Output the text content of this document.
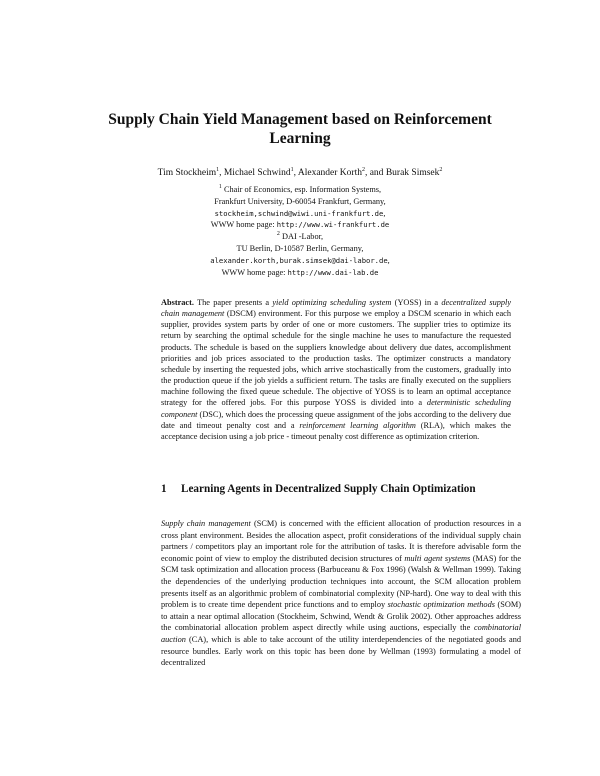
Supply Chain Yield Management based on Reinforcement Learning
Tim Stockheim$^1$, Michael Schwind$^1$, Alexander Korth$^2$, and Burak Simsek$^2$
$^1$ Chair of Economics, esp. Information Systems,
Frankfurt University, D-60054 Frankfurt, Germany,
stockheim,schwind@wiwi.uni-frankfurt.de,
WWW home page: http://www.wi-frankfurt.de
$^2$ DAI -Labor,
TU Berlin, D-10587 Berlin, Germany,
alexander.korth,burak.simsek@dai-labor.de,
WWW home page: http://www.dai-lab.de
Abstract. The paper presents a yield optimizing scheduling system (YOSS) in a decentralized supply chain management (DSCM) environment. For this purpose we employ a DSCM scenario in which each supplier, provides system parts by order of one or more customers. The supplier tries to optimize its return by searching the optimal schedule for the single machine he uses to manufacture the requested products. The schedule is based on the suppliers knowledge about delivery due dates, accomplishment priorities and job prices associated to the production tasks. The optimizer constructs a mandatory schedule by inserting the requested jobs, which arrive stochastically from the customers, gradually into the production queue if the job yields a sufficient return. The tasks are finally executed on the suppliers machine following the fixed queue schedule. The objective of YOSS is to learn an optimal acceptance strategy for the offered jobs. For this purpose YOSS is divided into a deterministic scheduling component (DSC), which does the processing queue assignment of the jobs according to the delivery due date and timeout penalty cost and a reinforcement learning algorithm (RLA), which makes the acceptance decision using a job price - timeout penalty cost difference as optimization criterion.
1 Learning Agents in Decentralized Supply Chain Optimization
Supply chain management (SCM) is concerned with the efficient allocation of production resources in a cross plant environment. Besides the allocation aspect, profit considerations of the individual supply chain partners / competitors play an important role for the attribution of tasks. It is therefore advisable form the economic point of view to employ the distributed decision structures of multi agent systems (MAS) for the SCM task optimization and allocation process (Barbuceanu & Fox 1996) (Walsh & Wellman 1999). Taking the dependencies of the underlying production techniques into account, the SCM allocation problem presents itself as an algorithmic problem of combinatorial complexity (NP-hard). One way to deal with this problem is to create time dependent price functions and to employ stochastic optimization methods (SOM) to attain a near optimal allocation (Stockheim, Schwind, Wendt & Grolik 2002). Other approaches address the combinatorial allocation problem aspect directly while using auctions, especially the combinatorial auction (CA), which is able to take account of the utility interdependencies of the negotiated goods and resource bundles. Early work on this topic has been done by Wellman (1993) formulating a model of decentralized
